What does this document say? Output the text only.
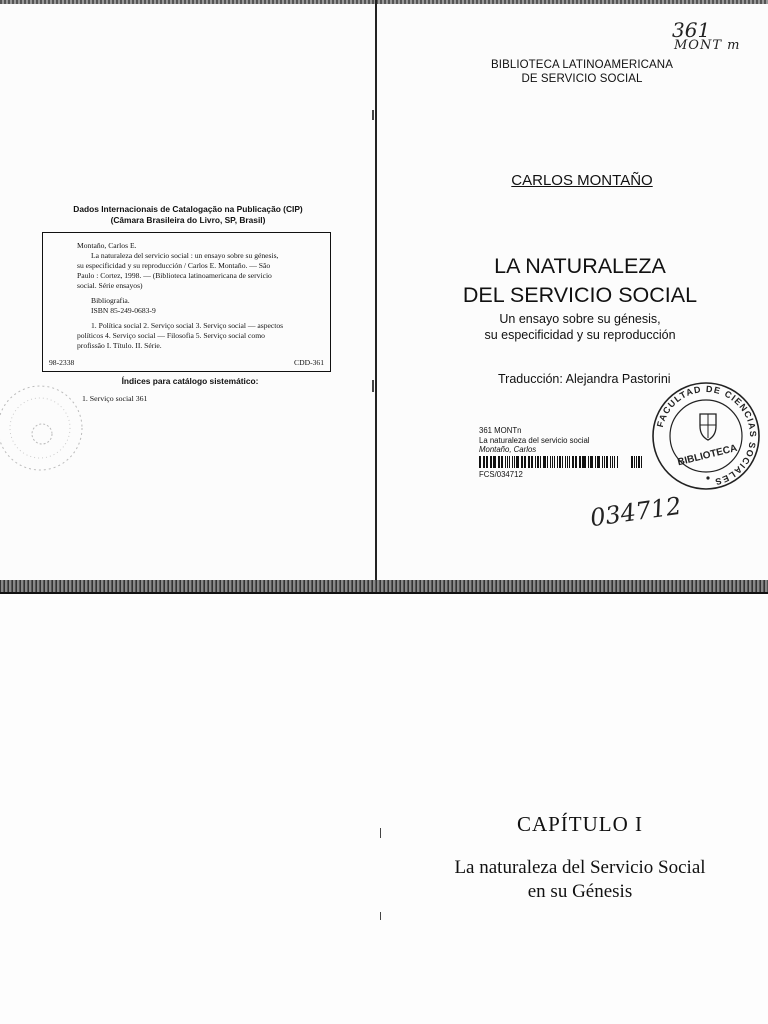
Dados Internacionais de Catalogação na Publicação (CIP)
(Câmara Brasileira do Livro, SP, Brasil)
Montaño, Carlos E.
La naturaleza del servicio social : un ensayo sobre su génesis,
su especificidad y su reproducción / Carlos E. Montaño. — São
Paulo : Cortez, 1998. — (Biblioteca latinoamericana de servicio
social. Série ensayos)
Bibliografia.
ISBN 85-249-0683-9
1. Política social 2. Serviço social 3. Serviço social — aspectos
políticos 4. Serviço social — Filosofia 5. Serviço social como
profissão I. Título. II. Série.
98-2338	CDD-361
Índices para catálogo sistemático:
1. Serviço social 361
361
MONT m
BIBLIOTECA LATINOAMERICANA
DE SERVICIO SOCIAL
CARLOS MONTAÑO
LA NATURALEZA
DEL SERVICIO SOCIAL
Un ensayo sobre su génesis,
su especificidad y su reproducción
Traducción: Alejandra Pastorini
361 MONTn
La naturaleza del servicio social
Montaño, Carlos
FCS/034712
FACULTAD DE CIENCIAS SOCIALES
BIBLIOTECA
034712
CAPÍTULO I
La naturaleza del Servicio Social
en su Génesis
